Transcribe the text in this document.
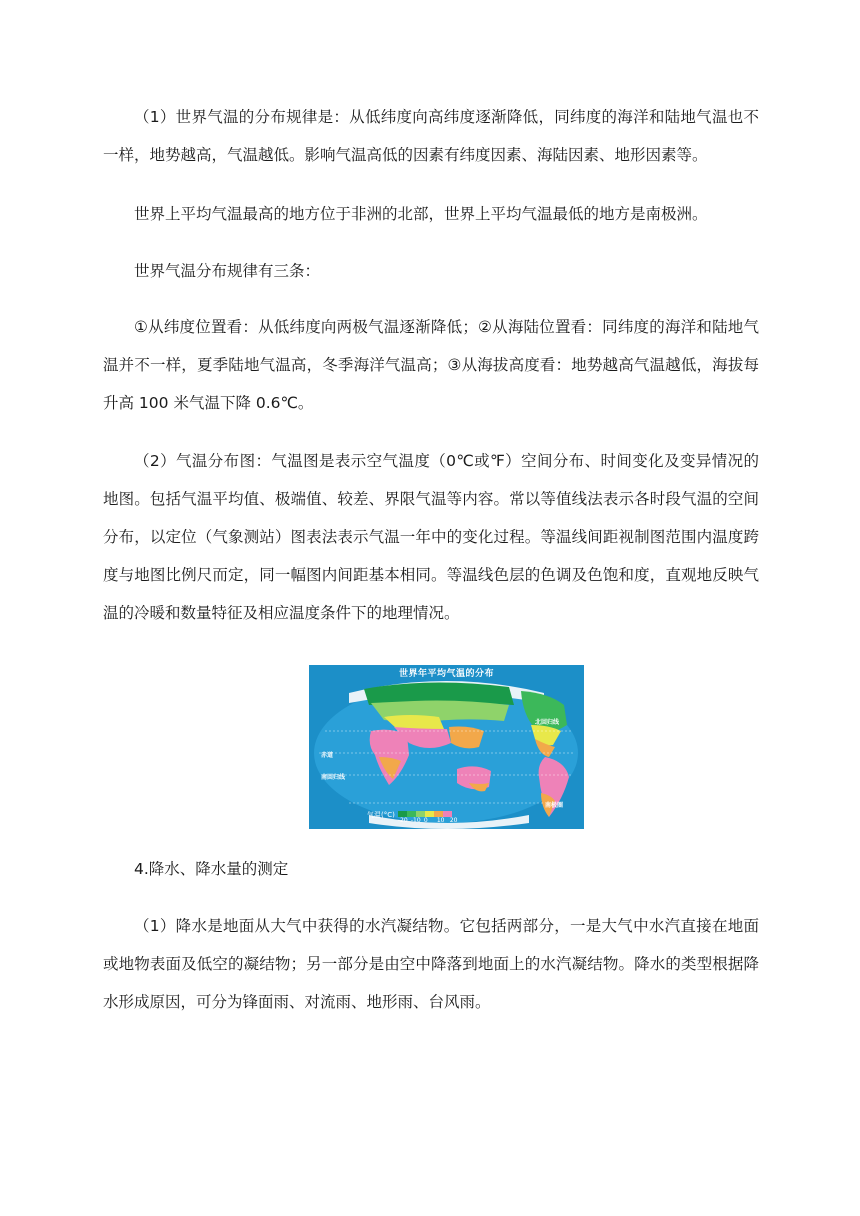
（1）世界气温的分布规律是：从低纬度向高纬度逐渐降低，同纬度的海洋和陆地气温也不一样，地势越高，气温越低。影响气温高低的因素有纬度因素、海陆因素、地形因素等。

世界上平均气温最高的地方位于非洲的北部，世界上平均气温最低的地方是南极洲。

世界气温分布规律有三条：

①从纬度位置看：从低纬度向两极气温逐渐降低；②从海陆位置看：同纬度的海洋和陆地气温并不一样，夏季陆地气温高，冬季海洋气温高；③从海拔高度看：地势越高气温越低，海拔每升高 100 米气温下降 0.6℃。

（2）气温分布图：气温图是表示空气温度（0℃或℉）空间分布、时间变化及变异情况的地图。包括气温平均值、极端值、较差、界限气温等内容。常以等值线法表示各时段气温的空间分布，以定位（气象测站）图表法表示气温一年中的变化过程。等温线间距视制图范围内温度跨度与地图比例尺而定，同一幅图内间距基本相同。等温线色层的色调及色饱和度，直观地反映气温的冷暖和数量特征及相应温度条件下的地理情况。

世界年平均气温的分布
北回归线
赤道
南回归线
南极圈
气温(°C)
-20 -10 0	10 20

4.降水、降水量的测定

（1）降水是地面从大气中获得的水汽凝结物。它包括两部分，一是大气中水汽直接在地面或地物表面及低空的凝结物；另一部分是由空中降落到地面上的水汽凝结物。降水的类型根据降水形成原因，可分为锋面雨、对流雨、地形雨、台风雨。
